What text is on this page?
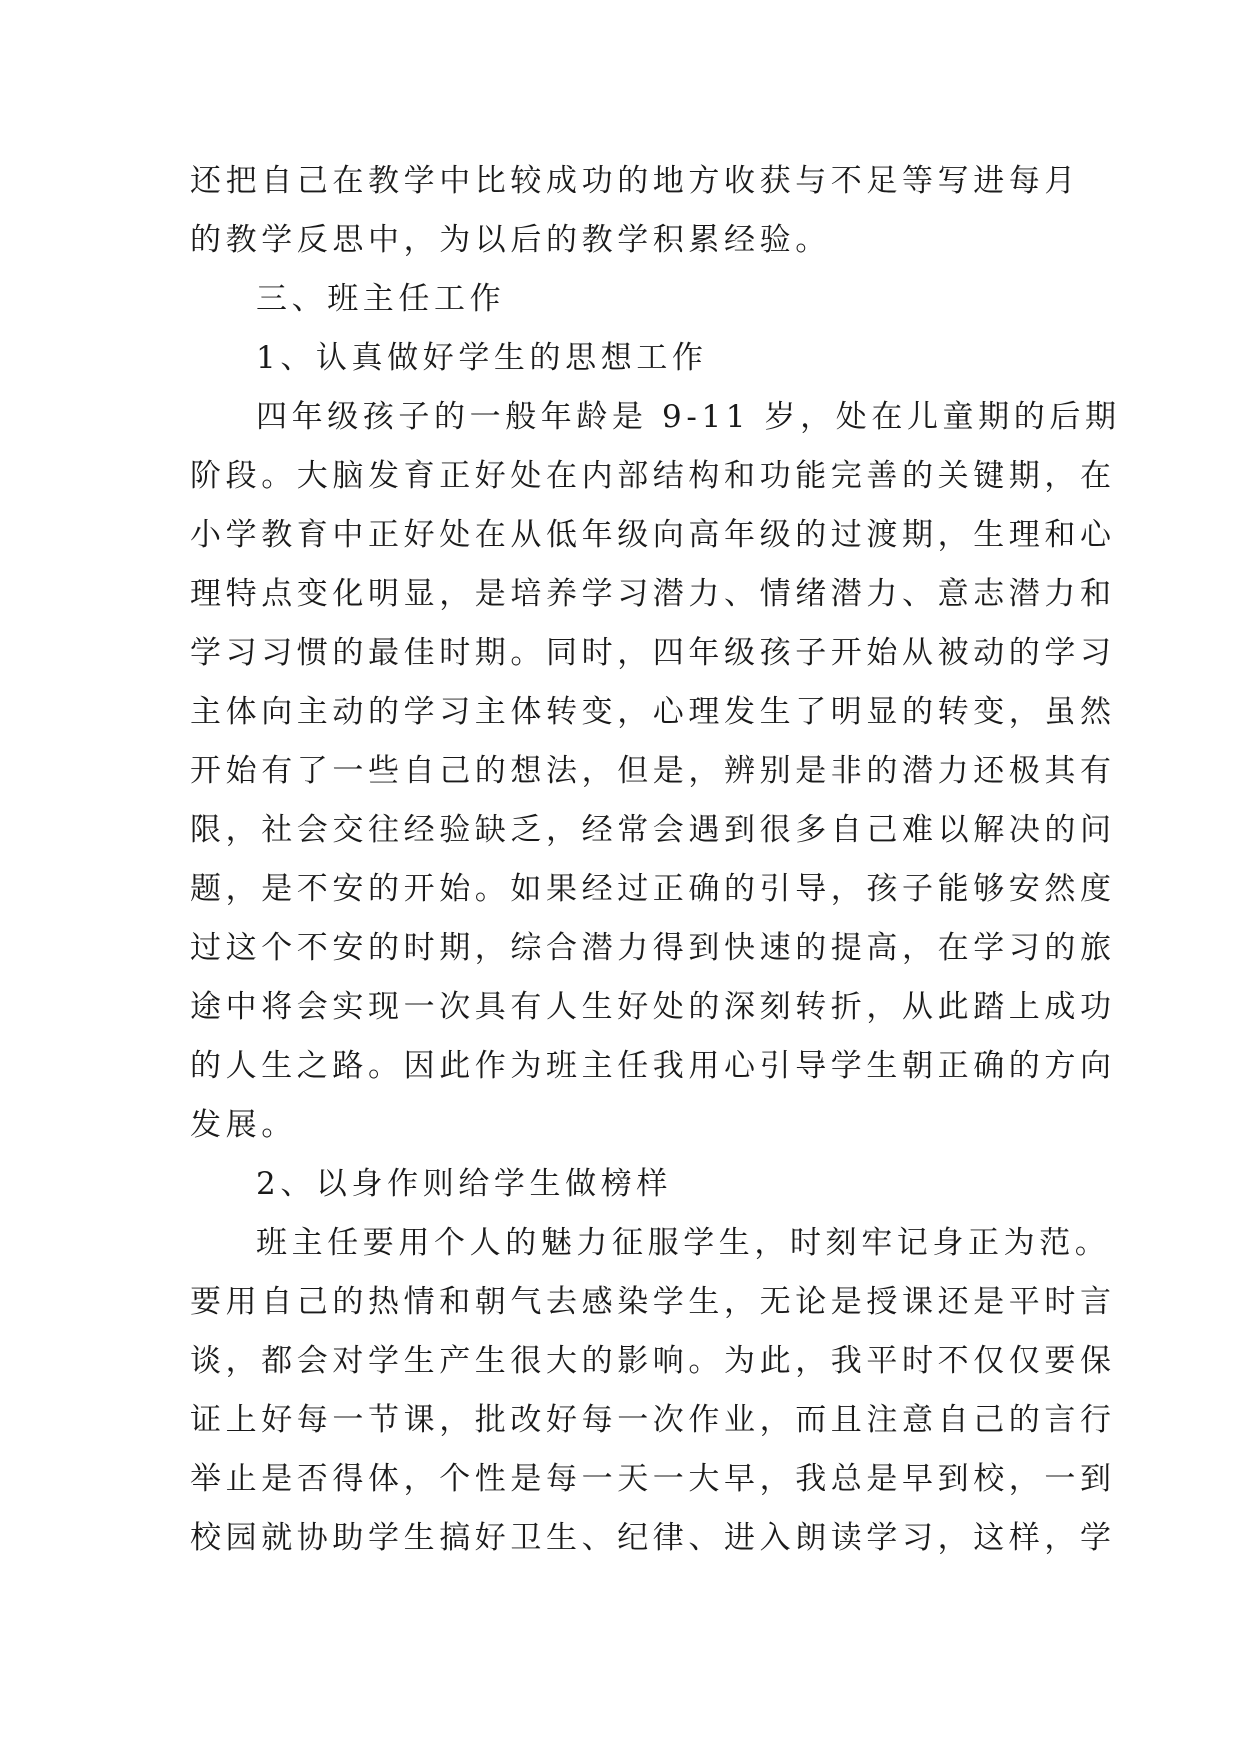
还把自己在教学中比较成功的地方收获与不足等写进每月
的教学反思中，为以后的教学积累经验。
三、班主任工作
1、认真做好学生的思想工作
四年级孩子的一般年龄是 9-11 岁，处在儿童期的后期
阶段。大脑发育正好处在内部结构和功能完善的关键期，在
小学教育中正好处在从低年级向高年级的过渡期，生理和心
理特点变化明显，是培养学习潜力、情绪潜力、意志潜力和
学习习惯的最佳时期。同时，四年级孩子开始从被动的学习
主体向主动的学习主体转变，心理发生了明显的转变，虽然
开始有了一些自己的想法，但是，辨别是非的潜力还极其有
限，社会交往经验缺乏，经常会遇到很多自己难以解决的问
题，是不安的开始。如果经过正确的引导，孩子能够安然度
过这个不安的时期，综合潜力得到快速的提高，在学习的旅
途中将会实现一次具有人生好处的深刻转折，从此踏上成功
的人生之路。因此作为班主任我用心引导学生朝正确的方向
发展。
2、以身作则给学生做榜样
班主任要用个人的魅力征服学生，时刻牢记身正为范。
要用自己的热情和朝气去感染学生，无论是授课还是平时言
谈，都会对学生产生很大的影响。为此，我平时不仅仅要保
证上好每一节课，批改好每一次作业，而且注意自己的言行
举止是否得体，个性是每一天一大早，我总是早到校，一到
校园就协助学生搞好卫生、纪律、进入朗读学习，这样，学
